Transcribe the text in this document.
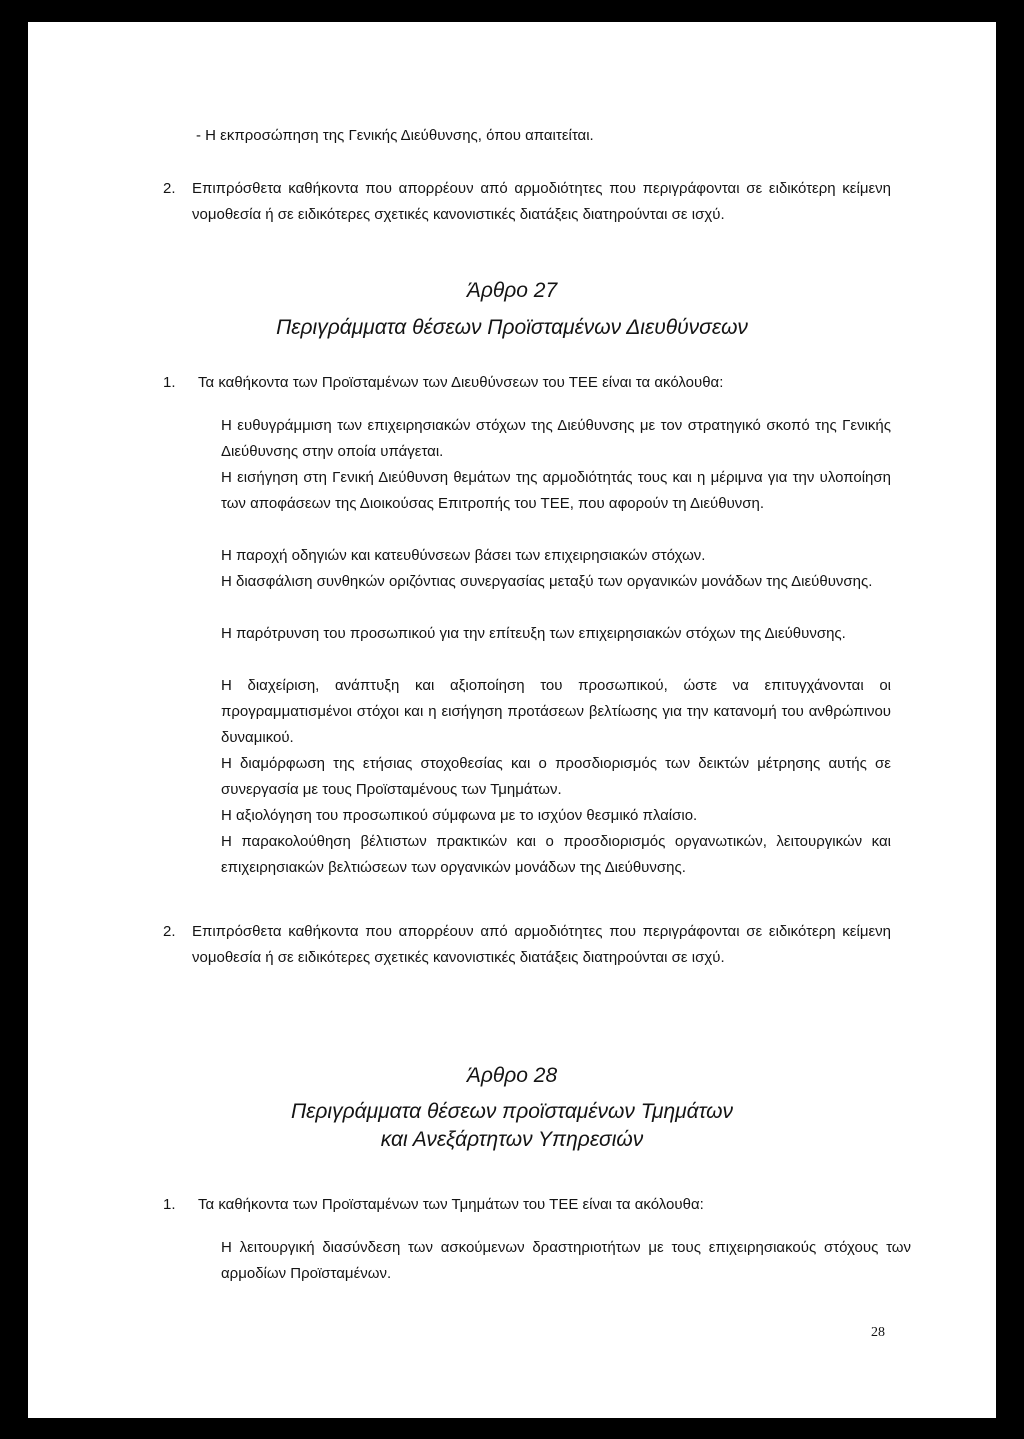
- Η εκπροσώπηση της Γενικής Διεύθυνσης, όπου απαιτείται.
2. Επιπρόσθετα καθήκοντα που απορρέουν από αρμοδιότητες που περιγράφονται σε ειδικότερη κείμενη νομοθεσία ή σε ειδικότερες σχετικές κανονιστικές διατάξεις διατηρούνται σε ισχύ.
Άρθρο 27
Περιγράμματα θέσεων Προϊσταμένων Διευθύνσεων
1. Τα καθήκοντα των Προϊσταμένων των Διευθύνσεων του ΤΕΕ είναι τα ακόλουθα:
Η ευθυγράμμιση των επιχειρησιακών στόχων της Διεύθυνσης με τον στρατηγικό σκοπό της Γενικής Διεύθυνσης στην οποία υπάγεται.
Η εισήγηση στη Γενική Διεύθυνση θεμάτων της αρμοδιότητάς τους και η μέριμνα για την υλοποίηση των αποφάσεων της Διοικούσας Επιτροπής του ΤΕΕ, που αφορούν τη Διεύθυνση.
Η παροχή οδηγιών και κατευθύνσεων βάσει των επιχειρησιακών στόχων.
Η διασφάλιση συνθηκών οριζόντιας συνεργασίας μεταξύ των οργανικών μονάδων της Διεύθυνσης.
Η παρότρυνση του προσωπικού για την επίτευξη των επιχειρησιακών στόχων της Διεύθυνσης.
Η διαχείριση, ανάπτυξη και αξιοποίηση του προσωπικού, ώστε να επιτυγχάνονται οι προγραμματισμένοι στόχοι και η εισήγηση προτάσεων βελτίωσης για την κατανομή του ανθρώπινου δυναμικού.
Η διαμόρφωση της ετήσιας στοχοθεσίας και ο προσδιορισμός των δεικτών μέτρησης αυτής σε συνεργασία με τους Προϊσταμένους των Τμημάτων.
Η αξιολόγηση του προσωπικού σύμφωνα με το ισχύον θεσμικό πλαίσιο.
Η παρακολούθηση βέλτιστων πρακτικών και ο προσδιορισμός οργανωτικών, λειτουργικών και επιχειρησιακών βελτιώσεων των οργανικών μονάδων της Διεύθυνσης.
2. Επιπρόσθετα καθήκοντα που απορρέουν από αρμοδιότητες που περιγράφονται σε ειδικότερη κείμενη νομοθεσία ή σε ειδικότερες σχετικές κανονιστικές διατάξεις διατηρούνται σε ισχύ.
Άρθρο 28
Περιγράμματα θέσεων προϊσταμένων Τμημάτων
και Ανεξάρτητων Υπηρεσιών
1. Τα καθήκοντα των Προϊσταμένων των Τμημάτων του ΤΕΕ είναι τα ακόλουθα:
Η λειτουργική διασύνδεση των ασκούμενων δραστηριοτήτων με τους επιχειρησιακούς στόχους των αρμοδίων Προϊσταμένων.
28
